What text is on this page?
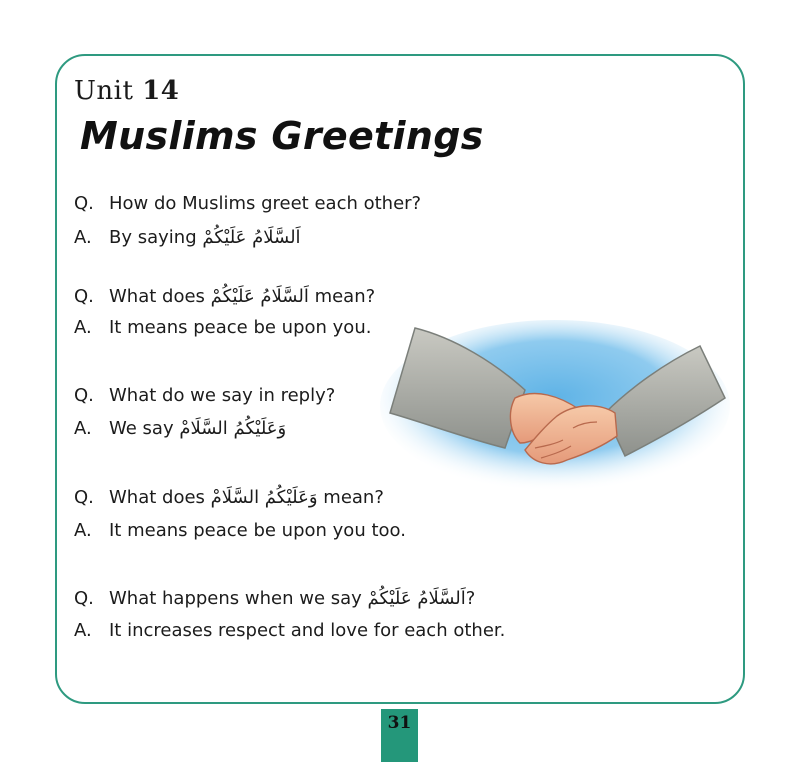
Unit 14
Muslims Greetings
Q. How do Muslims greet each other?
A. By saying اَلسَّلَامُ عَلَيْكُمْ
Q. What does اَلسَّلَامُ عَلَيْكُمْ mean?
A. It means peace be upon you.
Q. What do we say in reply?
A. We say وَعَلَيْكُمُ السَّلَامْ
Q. What does وَعَلَيْكُمُ السَّلَامْ mean?
A. It means peace be upon you too.
Q. What happens when we say اَلسَّلَامُ عَلَيْكُمْ?
A. It increases respect and love for each other.
31
